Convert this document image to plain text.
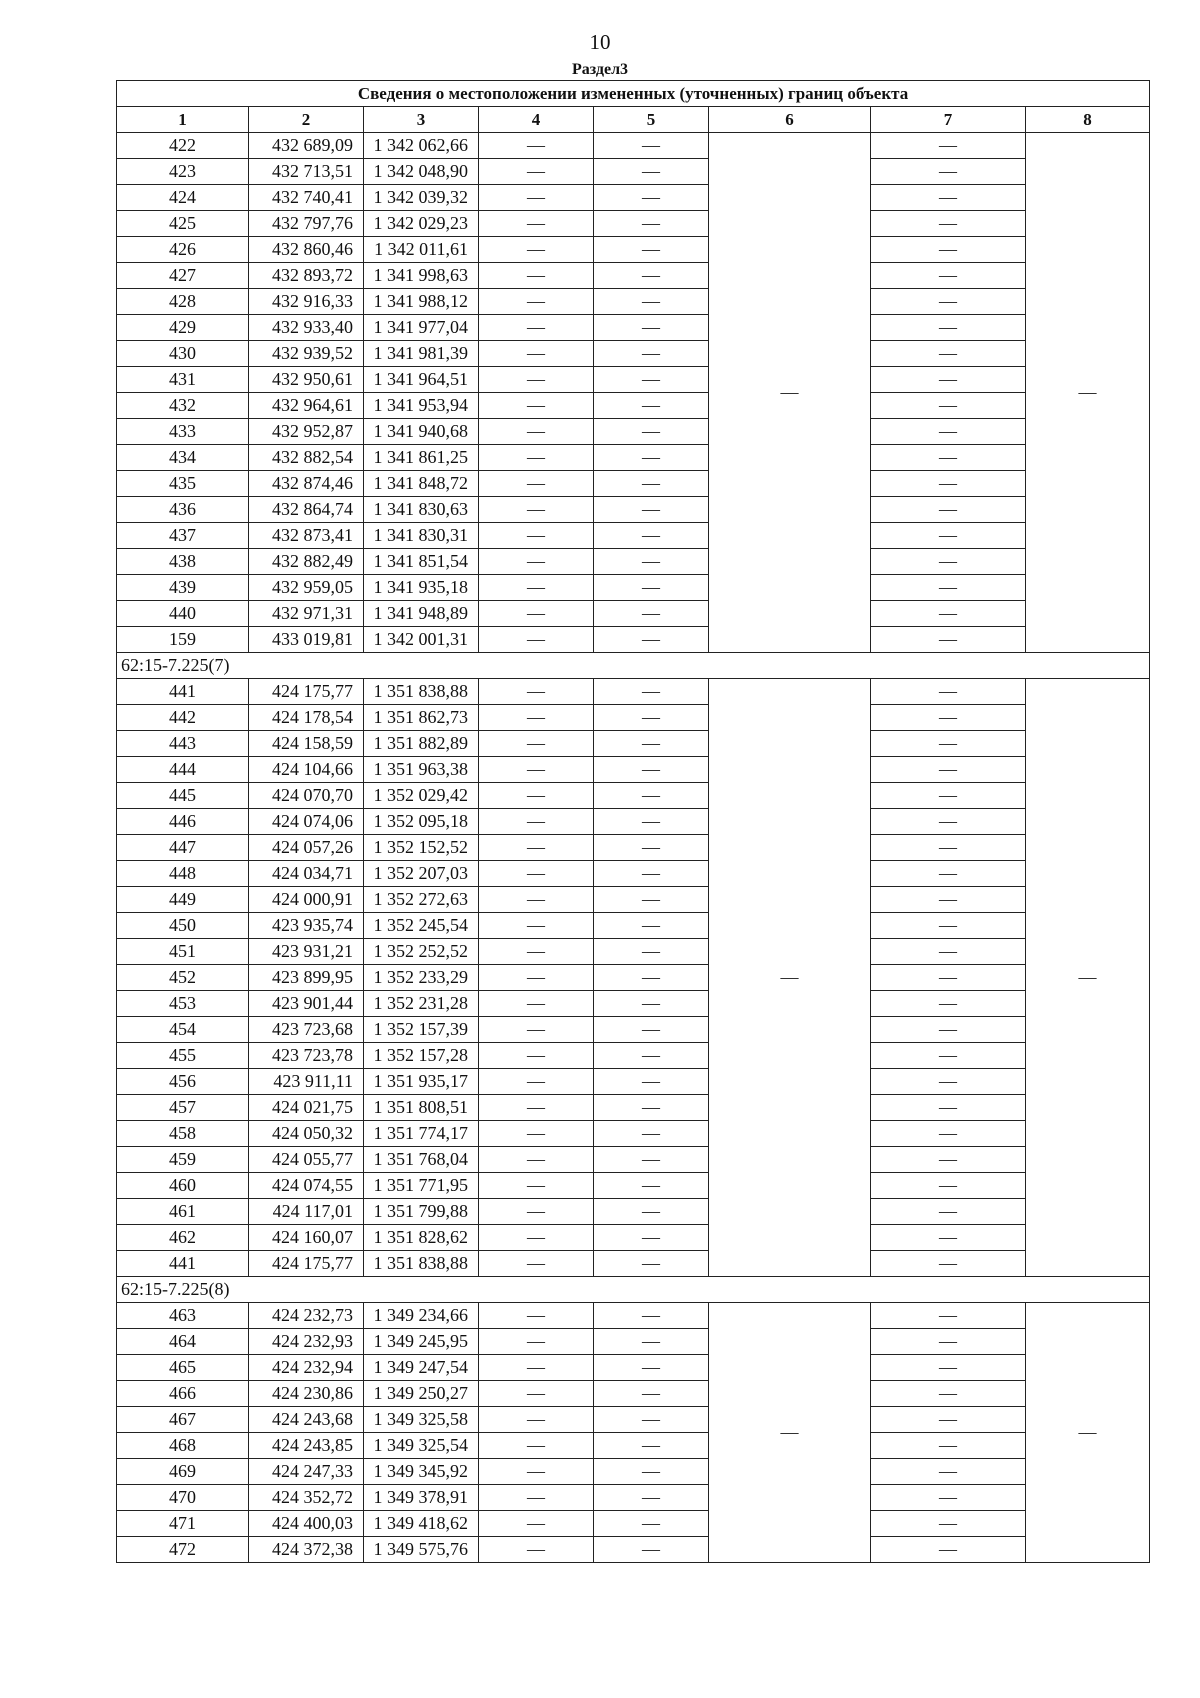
10
Раздел3
Сведения о местоположении измененных (уточненных) границ объекта							
1	2	3	4	5	6	7	8
422	432 689,09	1 342 062,66	—	—	—	—	—
423	432 713,51	1 342 048,90	—	—		—	
424	432 740,41	1 342 039,32	—	—		—	
425	432 797,76	1 342 029,23	—	—		—	
426	432 860,46	1 342 011,61	—	—		—	
427	432 893,72	1 341 998,63	—	—		—	
428	432 916,33	1 341 988,12	—	—		—	
429	432 933,40	1 341 977,04	—	—		—	
430	432 939,52	1 341 981,39	—	—		—	
431	432 950,61	1 341 964,51	—	—		—	
432	432 964,61	1 341 953,94	—	—		—	
433	432 952,87	1 341 940,68	—	—		—	
434	432 882,54	1 341 861,25	—	—		—	
435	432 874,46	1 341 848,72	—	—		—	
436	432 864,74	1 341 830,63	—	—		—	
437	432 873,41	1 341 830,31	—	—		—	
438	432 882,49	1 341 851,54	—	—		—	
439	432 959,05	1 341 935,18	—	—		—	
440	432 971,31	1 341 948,89	—	—		—	
159	433 019,81	1 342 001,31	—	—		—	
62:15-7.225(7)							
441	424 175,77	1 351 838,88	—	—	—	—	—
442	424 178,54	1 351 862,73	—	—		—	
443	424 158,59	1 351 882,89	—	—		—	
444	424 104,66	1 351 963,38	—	—		—	
445	424 070,70	1 352 029,42	—	—		—	
446	424 074,06	1 352 095,18	—	—		—	
447	424 057,26	1 352 152,52	—	—		—	
448	424 034,71	1 352 207,03	—	—		—	
449	424 000,91	1 352 272,63	—	—		—	
450	423 935,74	1 352 245,54	—	—		—	
451	423 931,21	1 352 252,52	—	—		—	
452	423 899,95	1 352 233,29	—	—		—	
453	423 901,44	1 352 231,28	—	—		—	
454	423 723,68	1 352 157,39	—	—		—	
455	423 723,78	1 352 157,28	—	—		—	
456	423 911,11	1 351 935,17	—	—		—	
457	424 021,75	1 351 808,51	—	—		—	
458	424 050,32	1 351 774,17	—	—		—	
459	424 055,77	1 351 768,04	—	—		—	
460	424 074,55	1 351 771,95	—	—		—	
461	424 117,01	1 351 799,88	—	—		—	
462	424 160,07	1 351 828,62	—	—		—	
441	424 175,77	1 351 838,88	—	—		—	
62:15-7.225(8)							
463	424 232,73	1 349 234,66	—	—	—	—	—
464	424 232,93	1 349 245,95	—	—		—	
465	424 232,94	1 349 247,54	—	—		—	
466	424 230,86	1 349 250,27	—	—		—	
467	424 243,68	1 349 325,58	—	—		—	
468	424 243,85	1 349 325,54	—	—		—	
469	424 247,33	1 349 345,92	—	—		—	
470	424 352,72	1 349 378,91	—	—		—	
471	424 400,03	1 349 418,62	—	—		—	
472	424 372,38	1 349 575,76	—	—		—	
